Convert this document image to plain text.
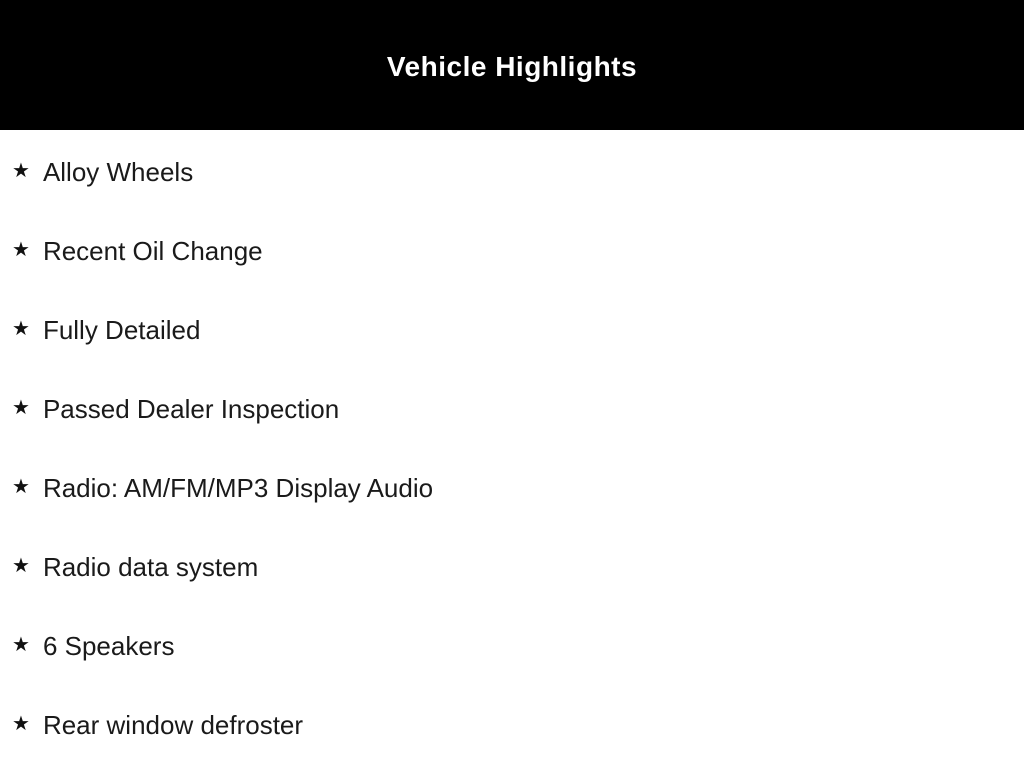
Vehicle Highlights
★ Alloy Wheels
★ Recent Oil Change
★ Fully Detailed
★ Passed Dealer Inspection
★ Radio: AM/FM/MP3 Display Audio
★ Radio data system
★ 6 Speakers
★ Rear window defroster
